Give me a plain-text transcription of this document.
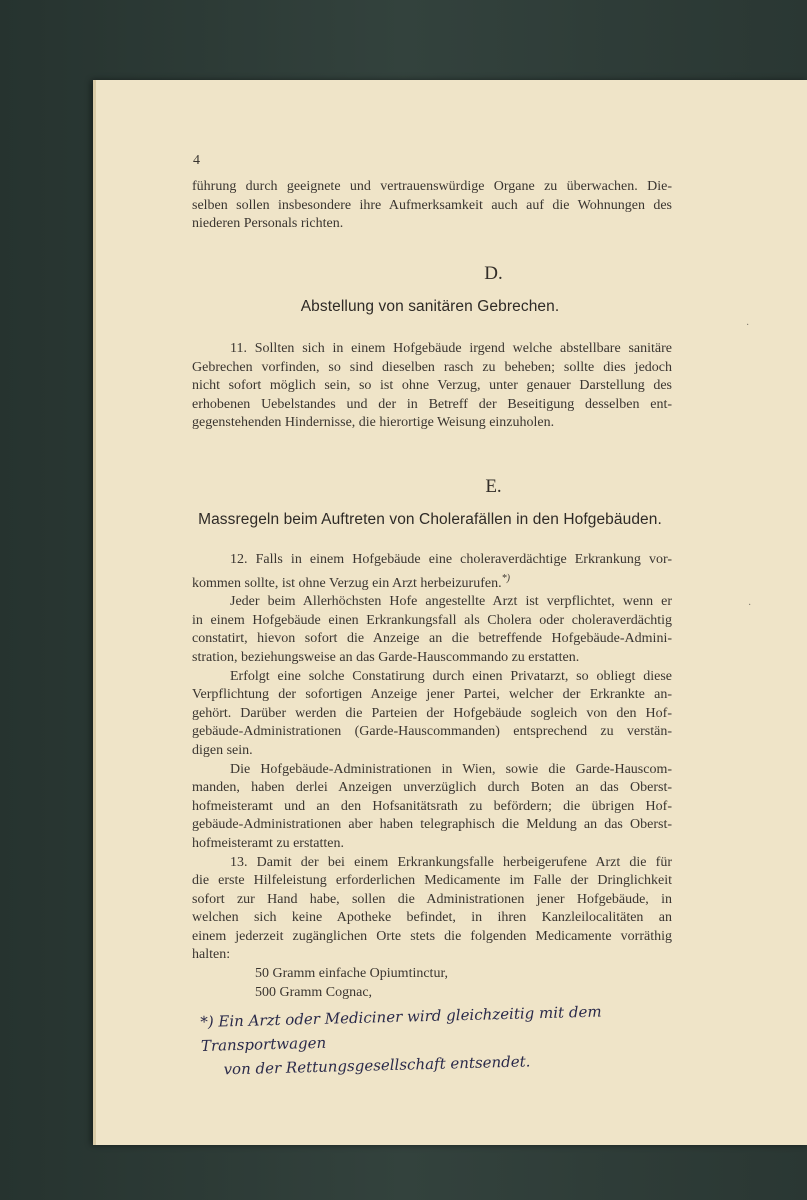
4

führung durch geeignete und vertrauenswürdige Organe zu überwachen. Die-

selben sollen insbesondere ihre Aufmerksamkeit auch auf die Wohnungen des

niederen Personals richten.

D.
Abstellung von sanitären Gebrechen.

11. Sollten sich in einem Hofgebäude irgend welche abstellbare sanitäre

Gebrechen vorfinden, so sind dieselben rasch zu beheben; sollte dies jedoch

nicht sofort möglich sein, so ist ohne Verzug, unter genauer Darstellung des

erhobenen Uebelstandes und der in Betreff der Beseitigung desselben ent-

gegenstehenden Hindernisse, die hierortige Weisung einzuholen.

E.
Massregeln beim Auftreten von Cholerafällen in den Hofgebäuden.

12. Falls in einem Hofgebäude eine choleraverdächtige Erkrankung vor-

kommen sollte, ist ohne Verzug ein Arzt herbeizurufen.*)

Jeder beim Allerhöchsten Hofe angestellte Arzt ist verpflichtet, wenn er

in einem Hofgebäude einen Erkrankungsfall als Cholera oder choleraverdächtig

constatirt, hievon sofort die Anzeige an die betreffende Hofgebäude-Admini-

stration, beziehungsweise an das Garde-Hauscommando zu erstatten.

Erfolgt eine solche Constatirung durch einen Privatarzt, so obliegt diese

Verpflichtung der sofortigen Anzeige jener Partei, welcher der Erkrankte an-

gehört. Darüber werden die Parteien der Hofgebäude sogleich von den Hof-

gebäude-Administrationen (Garde-Hauscommanden) entsprechend zu verstän-

digen sein.

Die Hofgebäude-Administrationen in Wien, sowie die Garde-Hauscom-

manden, haben derlei Anzeigen unverzüglich durch Boten an das Oberst-

hofmeisteramt und an den Hofsanitätsrath zu befördern; die übrigen Hof-

gebäude-Administrationen aber haben telegraphisch die Meldung an das Oberst-

hofmeisteramt zu erstatten.

13. Damit der bei einem Erkrankungsfalle herbeigerufene Arzt die für

die erste Hilfeleistung erforderlichen Medicamente im Falle der Dringlichkeit

sofort zur Hand habe, sollen die Administrationen jener Hofgebäude, in

welchen sich keine Apotheke befindet, in ihren Kanzleilocalitäten an

einem jederzeit zugänglichen Orte stets die folgenden Medicamente vorräthig

halten:

50 Gramm einfache Opiumtinctur,

500 Gramm Cognac,

*) Ein Arzt oder Mediciner wird gleichzeitig mit dem Transportwagen
von der Rettungsgesellschaft entsendet.
·
·
